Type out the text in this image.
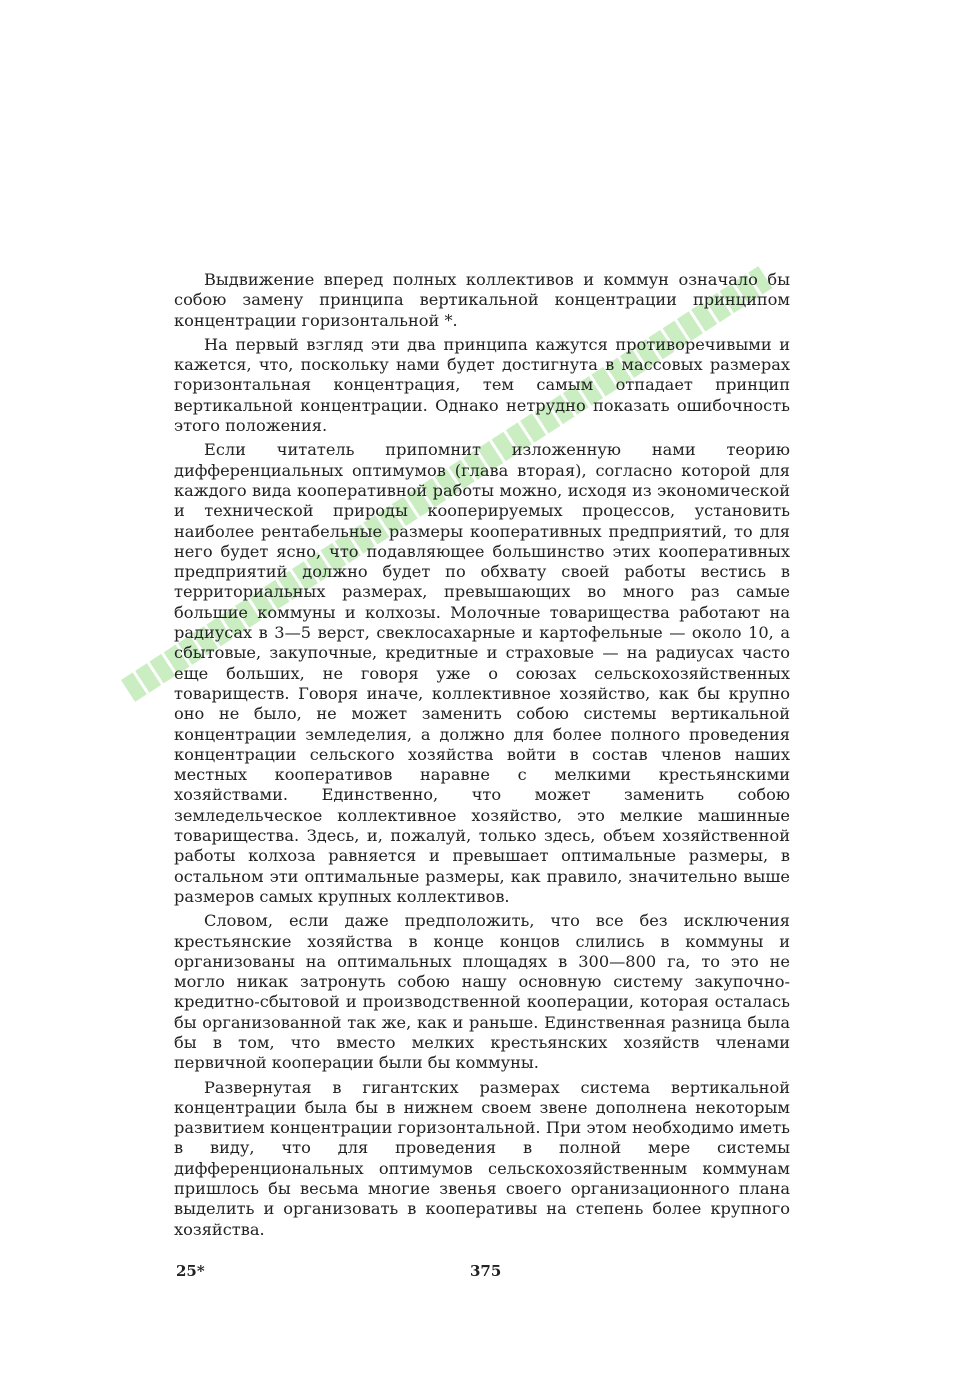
Выдвижение вперед полных коллективов и коммун означало бы собою замену принципа вертикальной концентрации принципом концентрации горизонтальной *.

На первый взгляд эти два принципа кажутся противоречивыми и кажется, что, поскольку нами будет достигнута в массовых размерах горизонтальная концентрация, тем самым отпадает принцип вертикальной концентрации. Однако нетрудно показать ошибочность этого положения.

Если читатель припомнит изложенную нами теорию дифференциальных оптимумов (глава вторая), согласно которой для каждого вида кооперативной работы можно, исходя из экономической и технической природы кооперируемых процессов, установить наиболее рентабельные размеры кооперативных предприятий, то для него будет ясно, что подавляющее большинство этих кооперативных предприятий должно будет по обхвату своей работы вестись в территориальных размерах, превышающих во много раз самые большие коммуны и колхозы. Молочные товарищества работают на радиусах в 3—5 верст, свеклосахарные и картофельные — около 10, а сбытовые, закупочные, кредитные и страховые — на радиусах часто еще больших, не говоря уже о союзах сельскохозяйственных товариществ. Говоря иначе, коллективное хозяйство, как бы крупно оно не было, не может заменить собою системы вертикальной концентрации земледелия, а должно для более полного проведения концентрации сельского хозяйства войти в состав членов наших местных кооперативов наравне с мелкими крестьянскими хозяйствами. Единственно, что может заменить собою земледельческое коллективное хозяйство, это мелкие машинные товарищества. Здесь, и, пожалуй, только здесь, объем хозяйственной работы колхоза равняется и превышает оптимальные размеры, в остальном эти оптимальные размеры, как правило, значительно выше размеров самых крупных коллективов.

Словом, если даже предположить, что все без исключения крестьянские хозяйства в конце концов слились в коммуны и организованы на оптимальных площадях в 300—800 га, то это не могло никак затронуть собою нашу основную систему закупочно-кредитно-сбытовой и производственной кооперации, которая осталась бы организованной так же, как и раньше. Единственная разница была бы в том, что вместо мелких крестьянских хозяйств членами первичной кооперации были бы коммуны.

Развернутая в гигантских размерах система вертикальной концентрации была бы в нижнем своем звене дополнена некоторым развитием концентрации горизонтальной. При этом необходимо иметь в виду, что для проведения в полной мере системы дифференциональных оптимумов сельскохозяйственным коммунам пришлось бы весьма многие звенья своего организационного плана выделить и организовать в кооперативы на степень более крупного хозяйства.

25*	375
